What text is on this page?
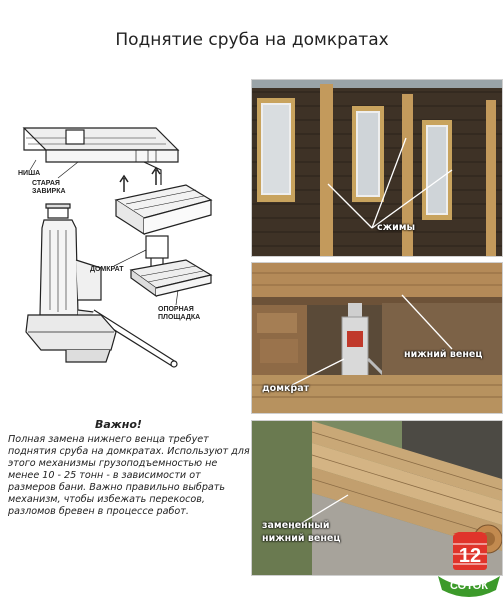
Поднятие сруба на домкратах
НИША
СТАРАЯ
ЗАВИРКА
ДОМКРАТ
ОПОРНАЯ
ПЛОЩАДКА
Важно!
Полная замена нижнего венца требует поднятия сруба на домкратах. Используют для этого механизмы грузоподъемностью не менее 10 - 25 тонн - в зависимости от размеров бани. Важно правильно выбрать механизм, чтобы избежать перекосов, разломов бревен в процессе работ.
сжимы
нижний венец
домкрат
замененный
нижний венец
12
СОТОК
